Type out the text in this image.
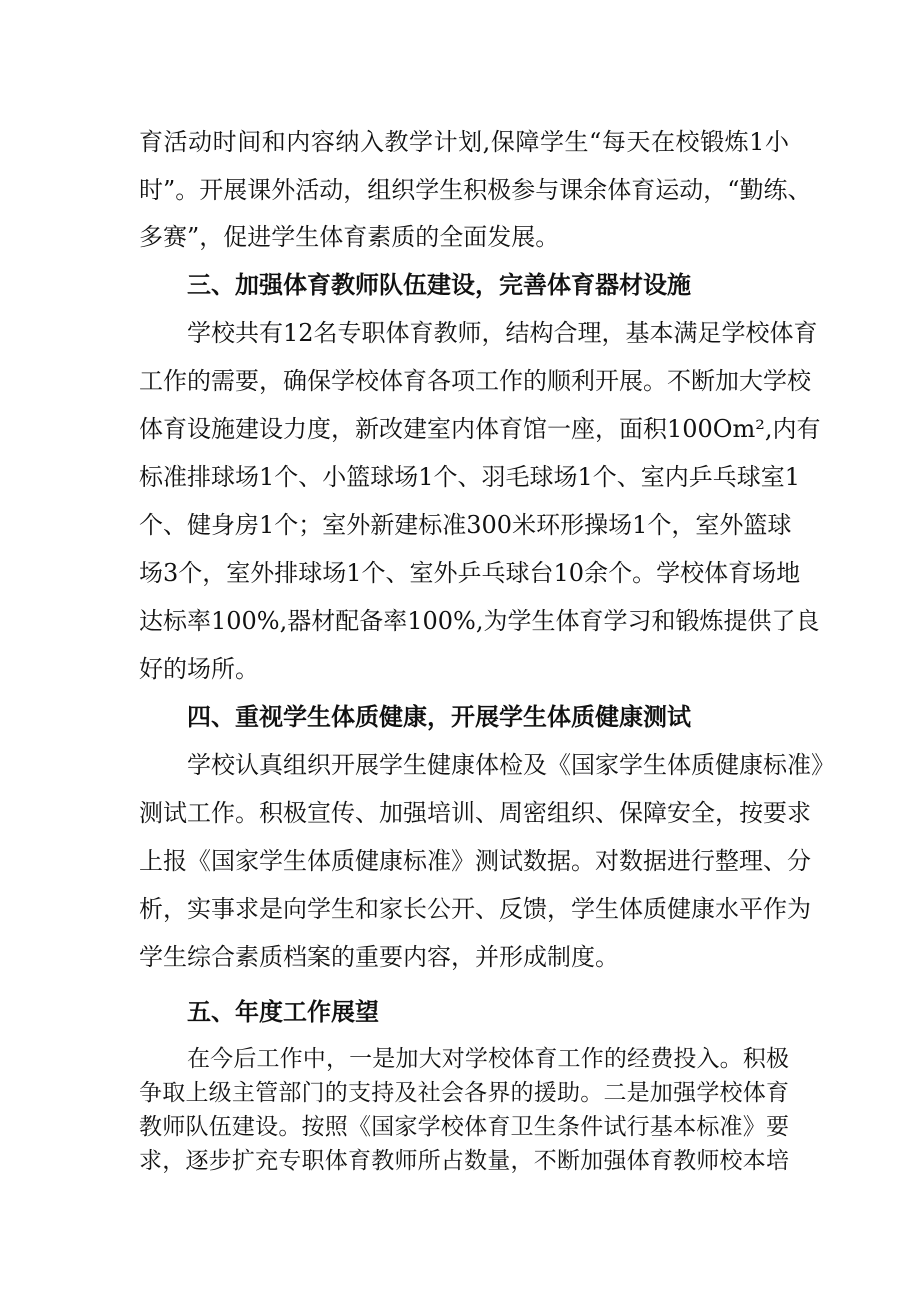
育活动时间和内容纳入教学计划,保障学生“每天在校锻炼1小
时”。开展课外活动，组织学生积极参与课余体育运动，“勤练、
多赛”，促进学生体育素质的全面发展。
三、加强体育教师队伍建设，完善体育器材设施
学校共有12名专职体育教师，结构合理，基本满足学校体育
工作的需要，确保学校体育各项工作的顺利开展。不断加大学校
体育设施建设力度，新改建室内体育馆一座，面积100Om²,内有
标准排球场1个、小篮球场1个、羽毛球场1个、室内乒乓球室1
个、健身房1个；室外新建标准300米环形操场1个，室外篮球
场3个，室外排球场1个、室外乒乓球台10余个。学校体育场地
达标率100%,器材配备率100%,为学生体育学习和锻炼提供了良
好的场所。
四、重视学生体质健康，开展学生体质健康测试
学校认真组织开展学生健康体检及《国家学生体质健康标准》
测试工作。积极宣传、加强培训、周密组织、保障安全，按要求
上报《国家学生体质健康标准》测试数据。对数据进行整理、分
析，实事求是向学生和家长公开、反馈，学生体质健康水平作为
学生综合素质档案的重要内容，并形成制度。
五、年度工作展望
在今后工作中，一是加大对学校体育工作的经费投入。积极
争取上级主管部门的支持及社会各界的援助。二是加强学校体育
教师队伍建设。按照《国家学校体育卫生条件试行基本标准》要
求，逐步扩充专职体育教师所占数量，不断加强体育教师校本培
